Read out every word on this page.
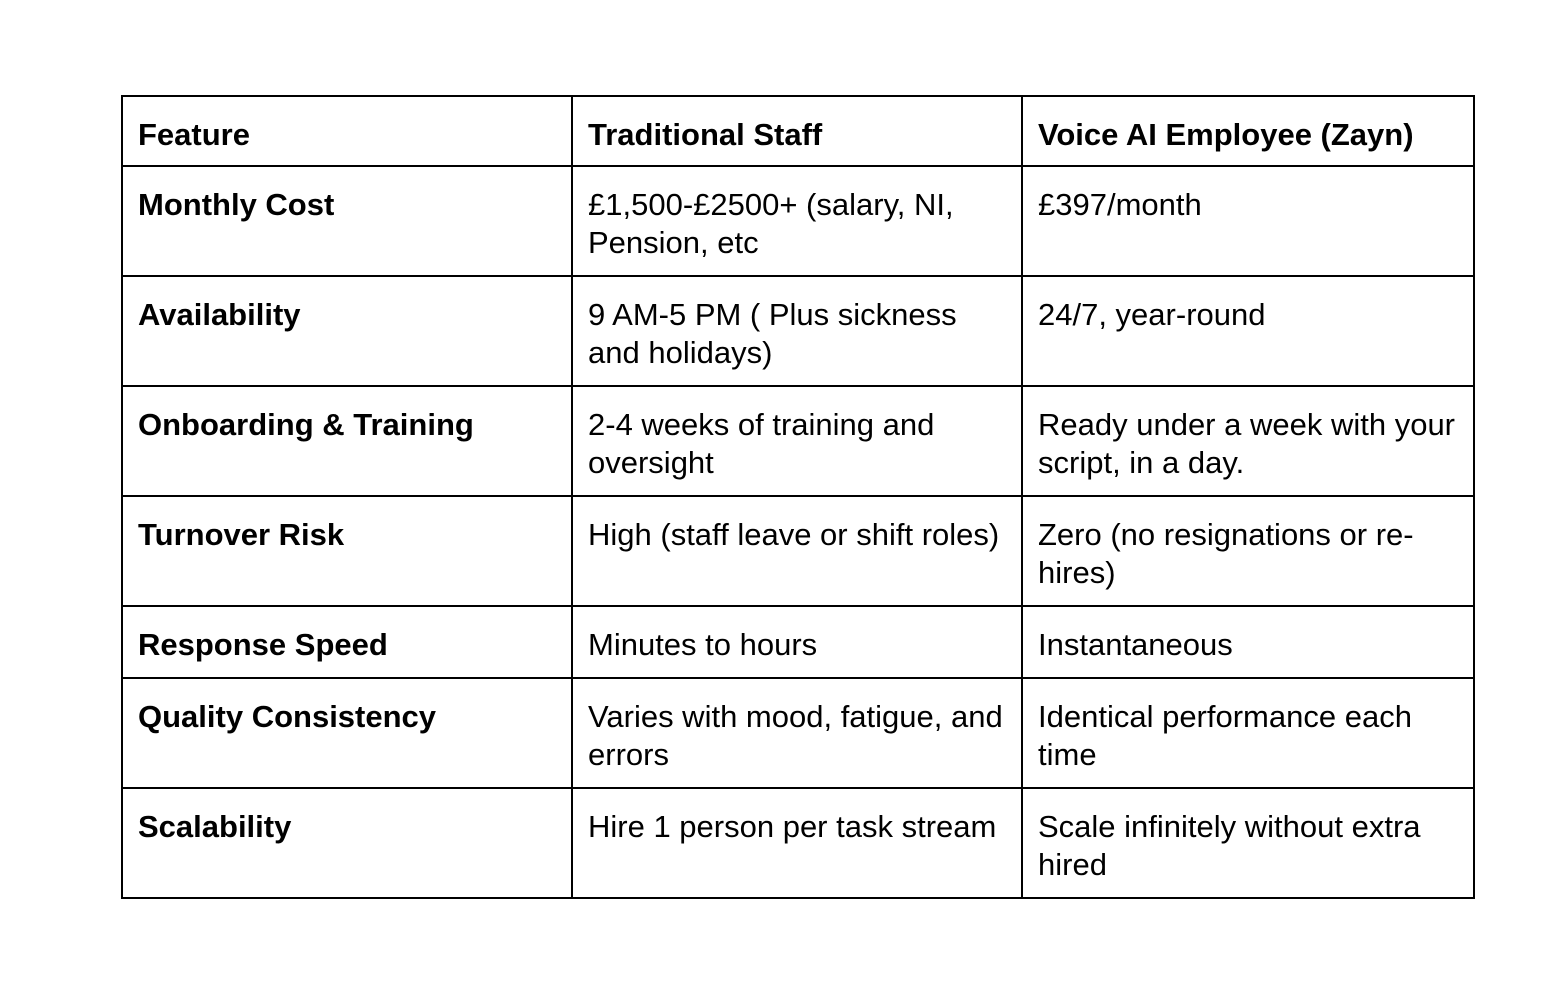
Feature	Traditional Staff	Voice AI Employee (Zayn)
Monthly Cost	£1,500-£2500+ (salary, NI, Pension, etc	£397/month
Availability	9 AM-5 PM ( Plus sickness and holidays)	24/7, year-round
Onboarding & Training	2-4 weeks of training and oversight	Ready under a week with your script, in a day.
Turnover Risk	High (staff leave or shift roles)	Zero (no resignations or re-hires)
Response Speed	Minutes to hours	Instantaneous
Quality Consistency	Varies with mood, fatigue, and errors	Identical performance each time
Scalability	Hire 1 person per task stream	Scale infinitely without extra hired
